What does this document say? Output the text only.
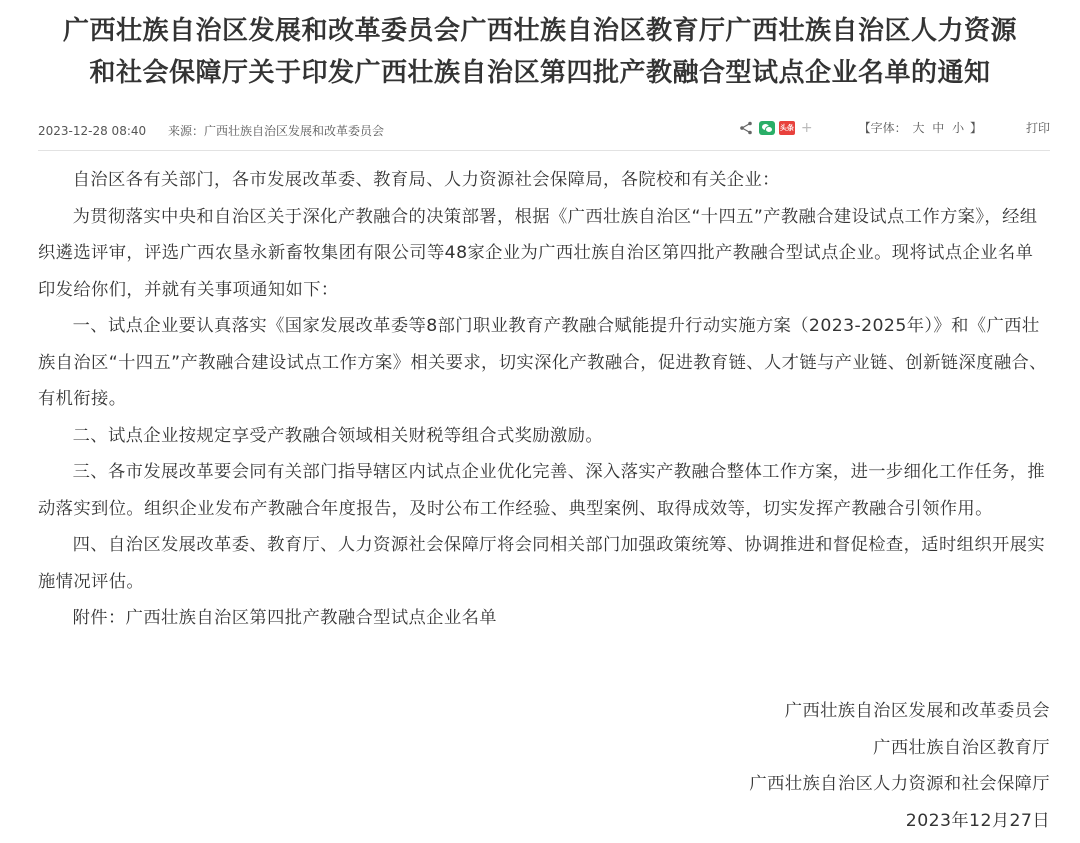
广西壮族自治区发展和改革委员会广西壮族自治区教育厅广西壮族自治区人力资源
和社会保障厅关于印发广西壮族自治区第四批产教融合型试点企业名单的通知
2023-12-28 08:40 来源：广西壮族自治区发展和改革委员会	头条 +	【字体： 大 中 小 】	打印

自治区各有关部门，各市发展改革委、教育局、人力资源社会保障局，各院校和有关企业：

为贯彻落实中央和自治区关于深化产教融合的决策部署，根据《广西壮族自治区“十四五”产教融合建设试点工作方案》，经组织遴选评审，评选广西农垦永新畜牧集团有限公司等48家企业为广西壮族自治区第四批产教融合型试点企业。现将试点企业名单印发给你们，并就有关事项通知如下：

一、试点企业要认真落实《国家发展改革委等8部门职业教育产教融合赋能提升行动实施方案（2023-2025年）》和《广西壮族自治区“十四五”产教融合建设试点工作方案》相关要求，切实深化产教融合，促进教育链、人才链与产业链、创新链深度融合、有机衔接。

二、试点企业按规定享受产教融合领域相关财税等组合式奖励激励。

三、各市发展改革要会同有关部门指导辖区内试点企业优化完善、深入落实产教融合整体工作方案，进一步细化工作任务，推动落实到位。组织企业发布产教融合年度报告，及时公布工作经验、典型案例、取得成效等，切实发挥产教融合引领作用。

四、自治区发展改革委、教育厅、人力资源社会保障厅将会同相关部门加强政策统筹、协调推进和督促检查，适时组织开展实施情况评估。

附件：广西壮族自治区第四批产教融合型试点企业名单

广西壮族自治区发展和改革委员会
广西壮族自治区教育厅
广西壮族自治区人力资源和社会保障厅
2023年12月27日
